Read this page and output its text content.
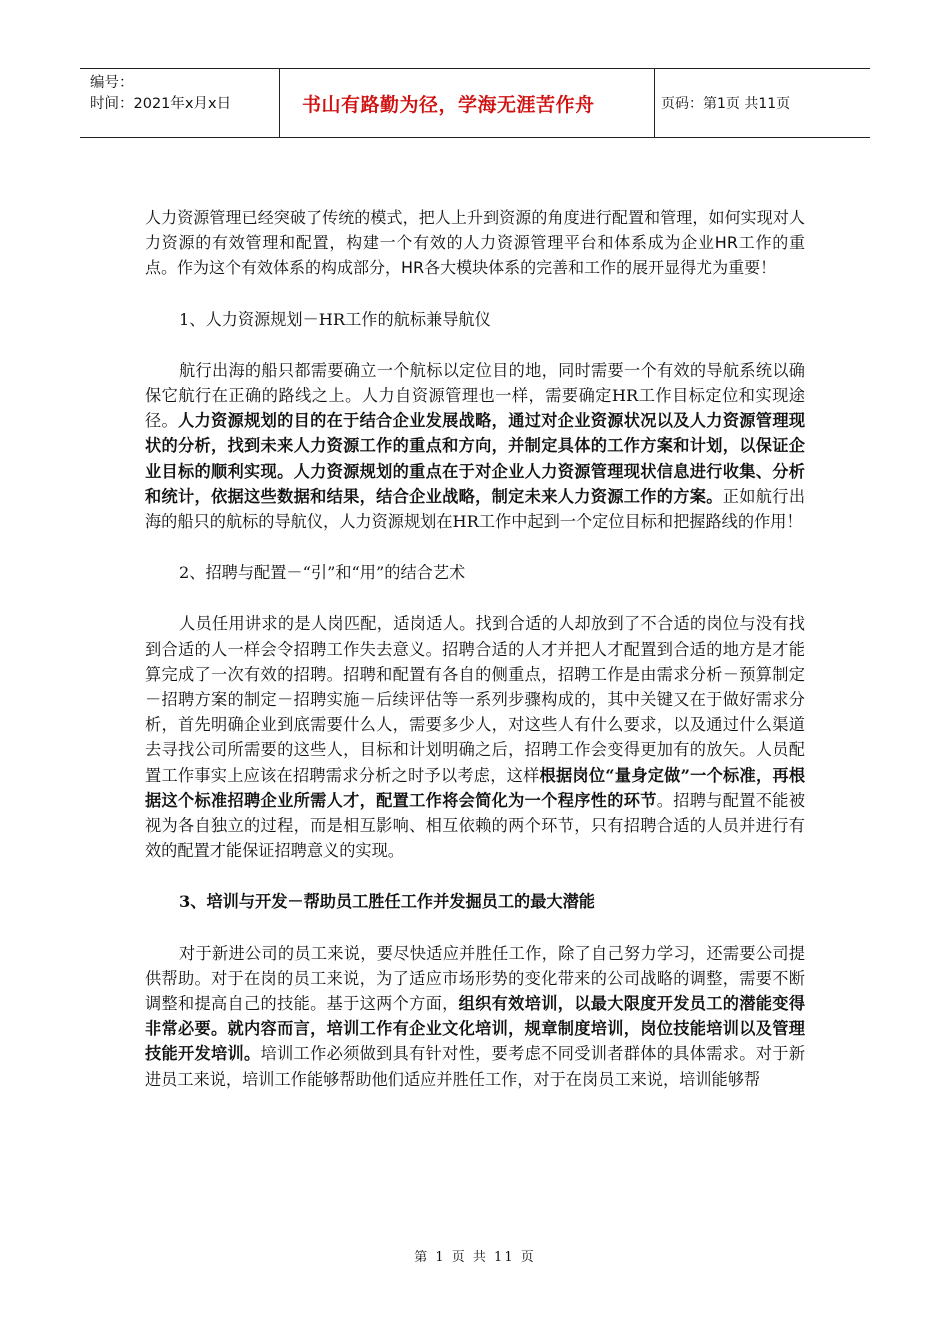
编号：
时间：2021年x月x日	书山有路勤为径，学海无涯苦作舟	页码：第1页 共11页

人力资源管理已经突破了传统的模式，把人上升到资源的角度进行配置和管理，如何实现对人力资源的有效管理和配置，构建一个有效的人力资源管理平台和体系成为企业HR工作的重点。作为这个有效体系的构成部分，HR各大模块体系的完善和工作的展开显得尤为重要！

1、人力资源规划－HR工作的航标兼导航仪

航行出海的船只都需要确立一个航标以定位目的地，同时需要一个有效的导航系统以确保它航行在正确的路线之上。人力自资源管理也一样，需要确定HR工作目标定位和实现途径。人力资源规划的目的在于结合企业发展战略，通过对企业资源状况以及人力资源管理现状的分析，找到未来人力资源工作的重点和方向，并制定具体的工作方案和计划，以保证企业目标的顺利实现。人力资源规划的重点在于对企业人力资源管理现状信息进行收集、分析和统计，依据这些数据和结果，结合企业战略，制定未来人力资源工作的方案。正如航行出海的船只的航标的导航仪，人力资源规划在HR工作中起到一个定位目标和把握路线的作用！

2、招聘与配置－“引”和“用”的结合艺术

人员任用讲求的是人岗匹配，适岗适人。找到合适的人却放到了不合适的岗位与没有找到合适的人一样会令招聘工作失去意义。招聘合适的人才并把人才配置到合适的地方是才能算完成了一次有效的招聘。招聘和配置有各自的侧重点，招聘工作是由需求分析－预算制定－招聘方案的制定－招聘实施－后续评估等一系列步骤构成的，其中关键又在于做好需求分析，首先明确企业到底需要什么人，需要多少人，对这些人有什么要求，以及通过什么渠道去寻找公司所需要的这些人，目标和计划明确之后，招聘工作会变得更加有的放矢。人员配置工作事实上应该在招聘需求分析之时予以考虑，这样根据岗位“量身定做”一个标准，再根据这个标准招聘企业所需人才，配置工作将会简化为一个程序性的环节。招聘与配置不能被视为各自独立的过程，而是相互影响、相互依赖的两个环节，只有招聘合适的人员并进行有效的配置才能保证招聘意义的实现。

3、培训与开发－帮助员工胜任工作并发掘员工的最大潜能

对于新进公司的员工来说，要尽快适应并胜任工作，除了自己努力学习，还需要公司提供帮助。对于在岗的员工来说，为了适应市场形势的变化带来的公司战略的调整，需要不断调整和提高自己的技能。基于这两个方面，组织有效培训，以最大限度开发员工的潜能变得非常必要。就内容而言，培训工作有企业文化培训，规章制度培训，岗位技能培训以及管理技能开发培训。培训工作必须做到具有针对性，要考虑不同受训者群体的具体需求。对于新进员工来说，培训工作能够帮助他们适应并胜任工作，对于在岗员工来说，培训能够帮

第 1 页 共 11 页
